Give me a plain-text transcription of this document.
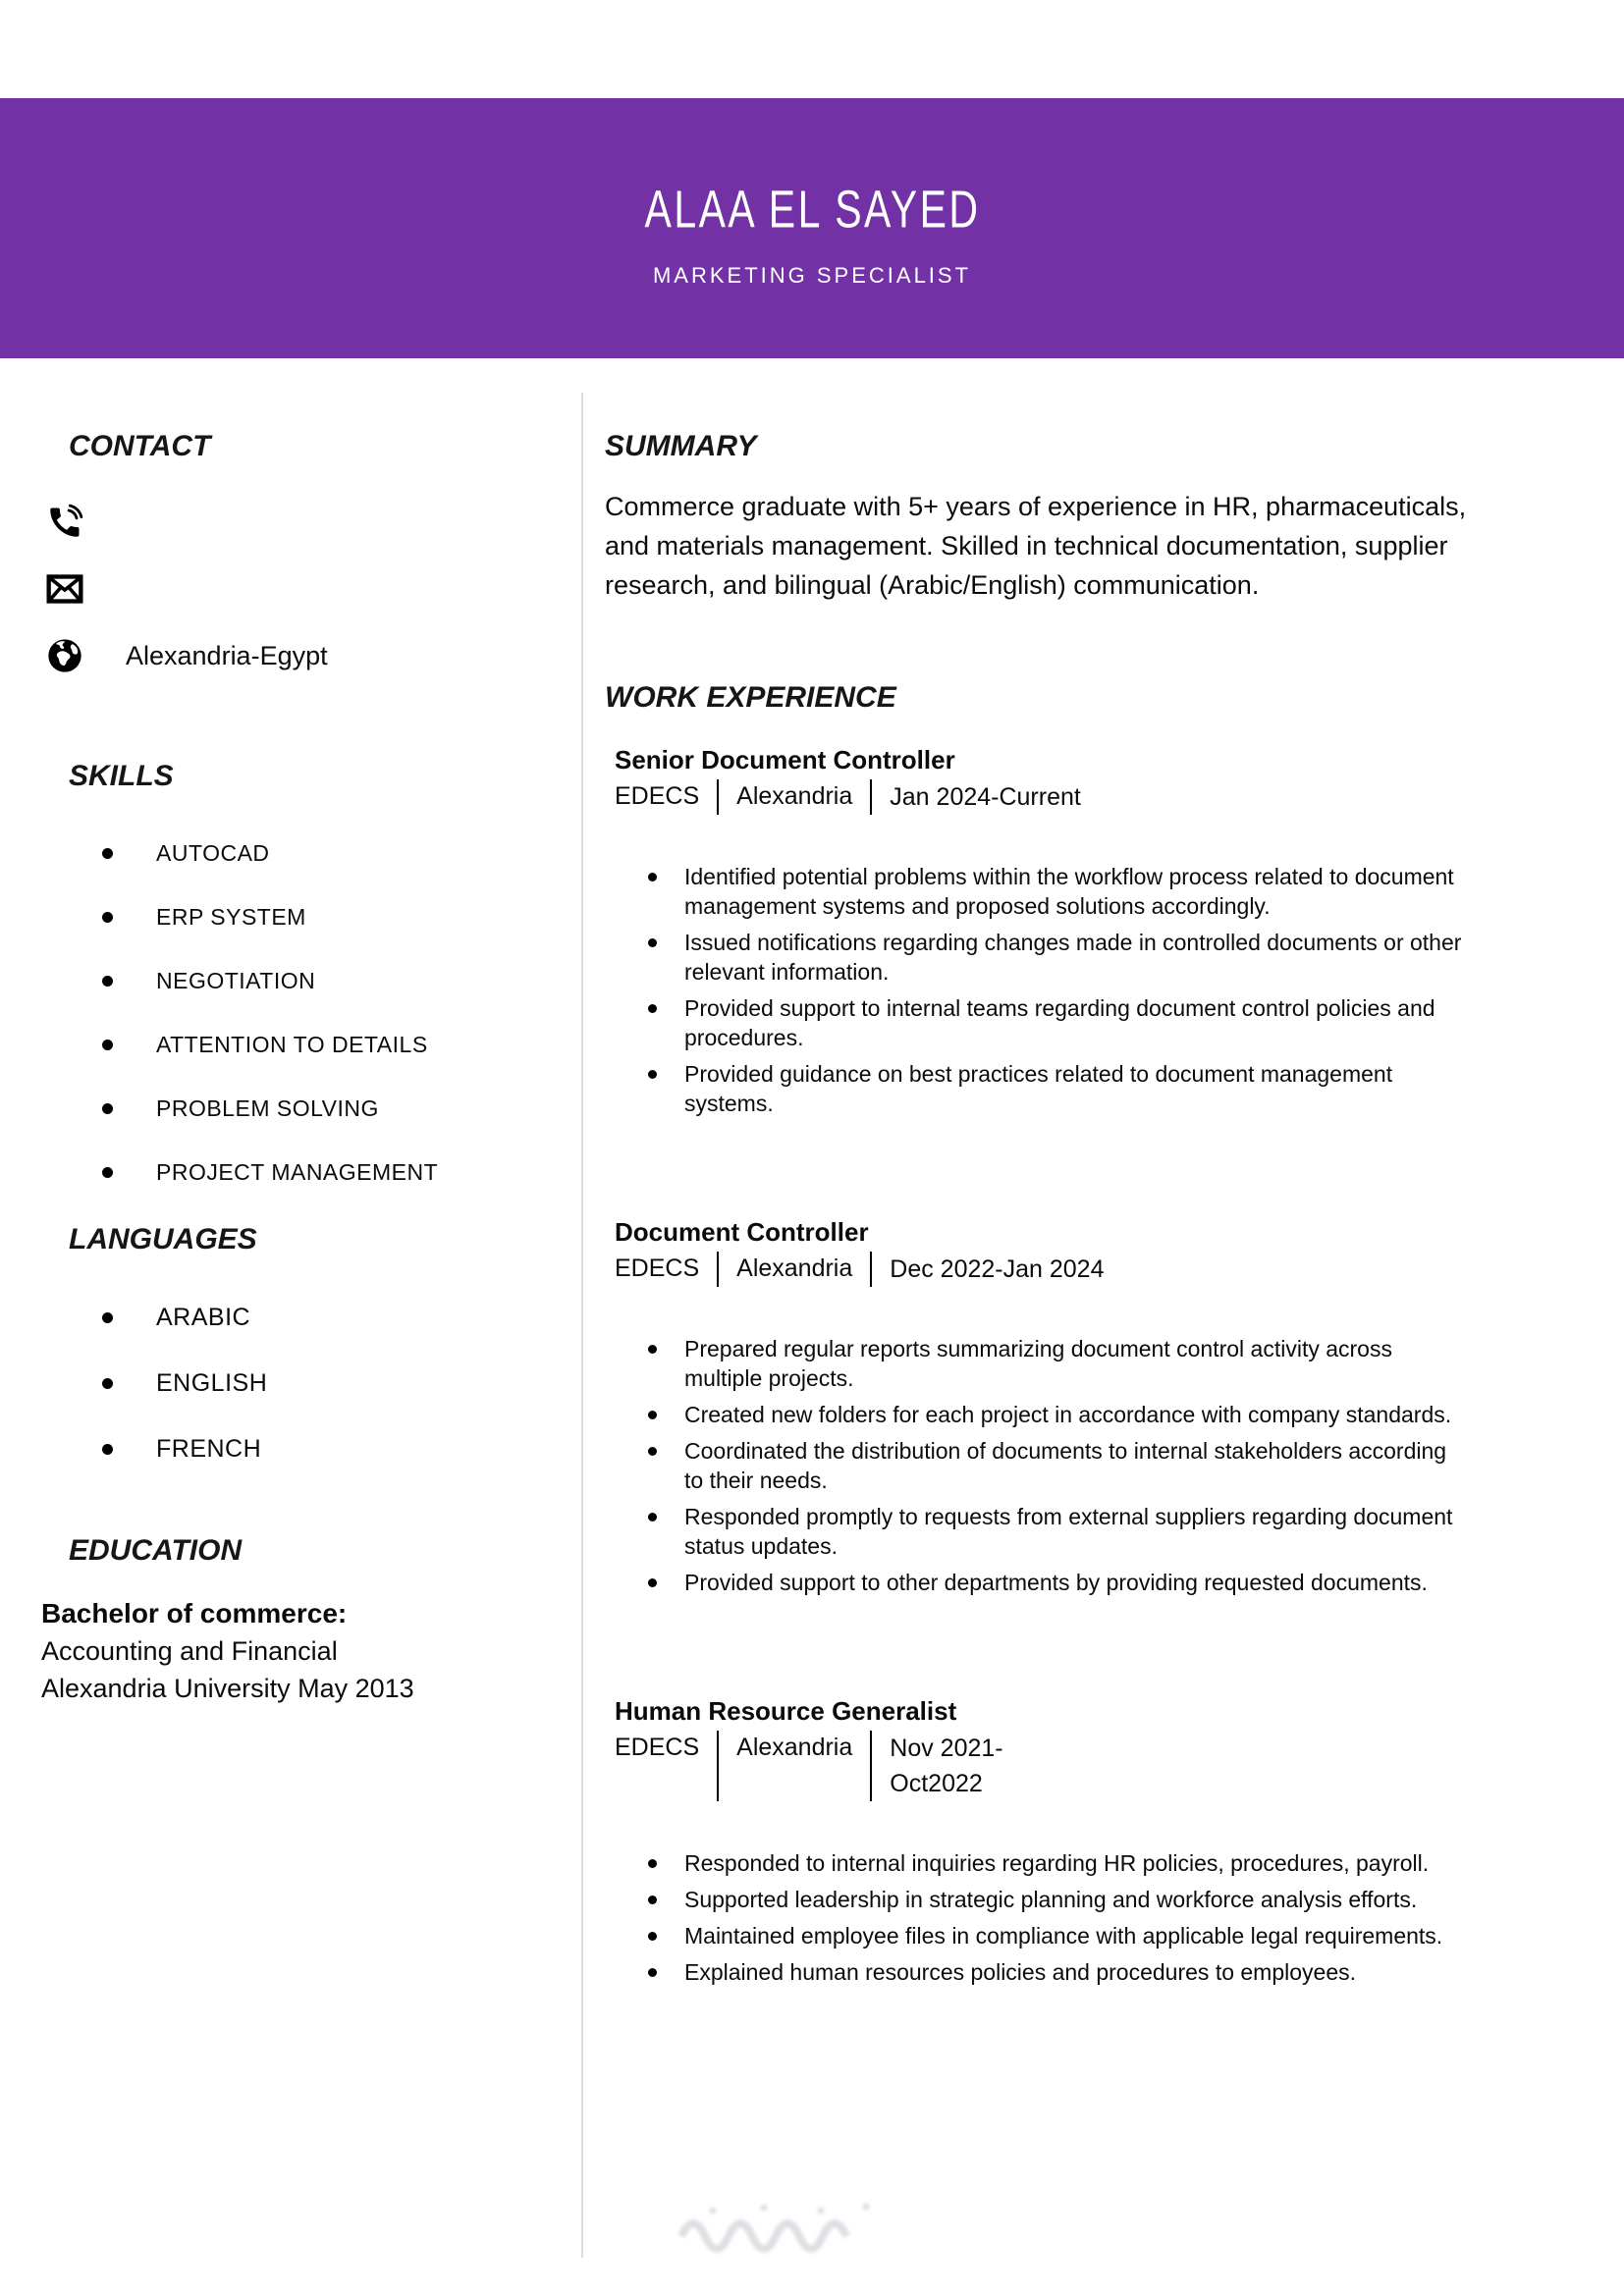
ALAA EL SAYED
MARKETING SPECIALIST
CONTACT
Alexandria-Egypt
SKILLS
AUTOCAD
ERP SYSTEM
NEGOTIATION
ATTENTION TO DETAILS
PROBLEM SOLVING
PROJECT MANAGEMENT
LANGUAGES
ARABIC
ENGLISH
FRENCH
EDUCATION

Bachelor of commerce:

Accounting and Financial

Alexandria University May 2013

SUMMARY

Commerce graduate with 5+ years of experience in HR, pharmaceuticals, and materials management. Skilled in technical documentation, supplier research, and bilingual (Arabic/English) communication.

WORK EXPERIENCE
Senior Document Controller
EDECS Alexandria Jan 2024-Current
Identified potential problems within the workflow process related to document management systems and proposed solutions accordingly.
Issued notifications regarding changes made in controlled documents or other relevant information.
Provided support to internal teams regarding document control policies and procedures.
Provided guidance on best practices related to document management systems.
Document Controller
EDECS Alexandria Dec 2022-Jan 2024
Prepared regular reports summarizing document control activity across multiple projects.
Created new folders for each project in accordance with company standards.
Coordinated the distribution of documents to internal stakeholders according to their needs.
Responded promptly to requests from external suppliers regarding document status updates.
Provided support to other departments by providing requested documents.
Human Resource Generalist
EDECS Alexandria Nov 2021-
Oct2022
Responded to internal inquiries regarding HR policies, procedures, payroll.
Supported leadership in strategic planning and workforce analysis efforts.
Maintained employee files in compliance with applicable legal requirements.
Explained human resources policies and procedures to employees.
